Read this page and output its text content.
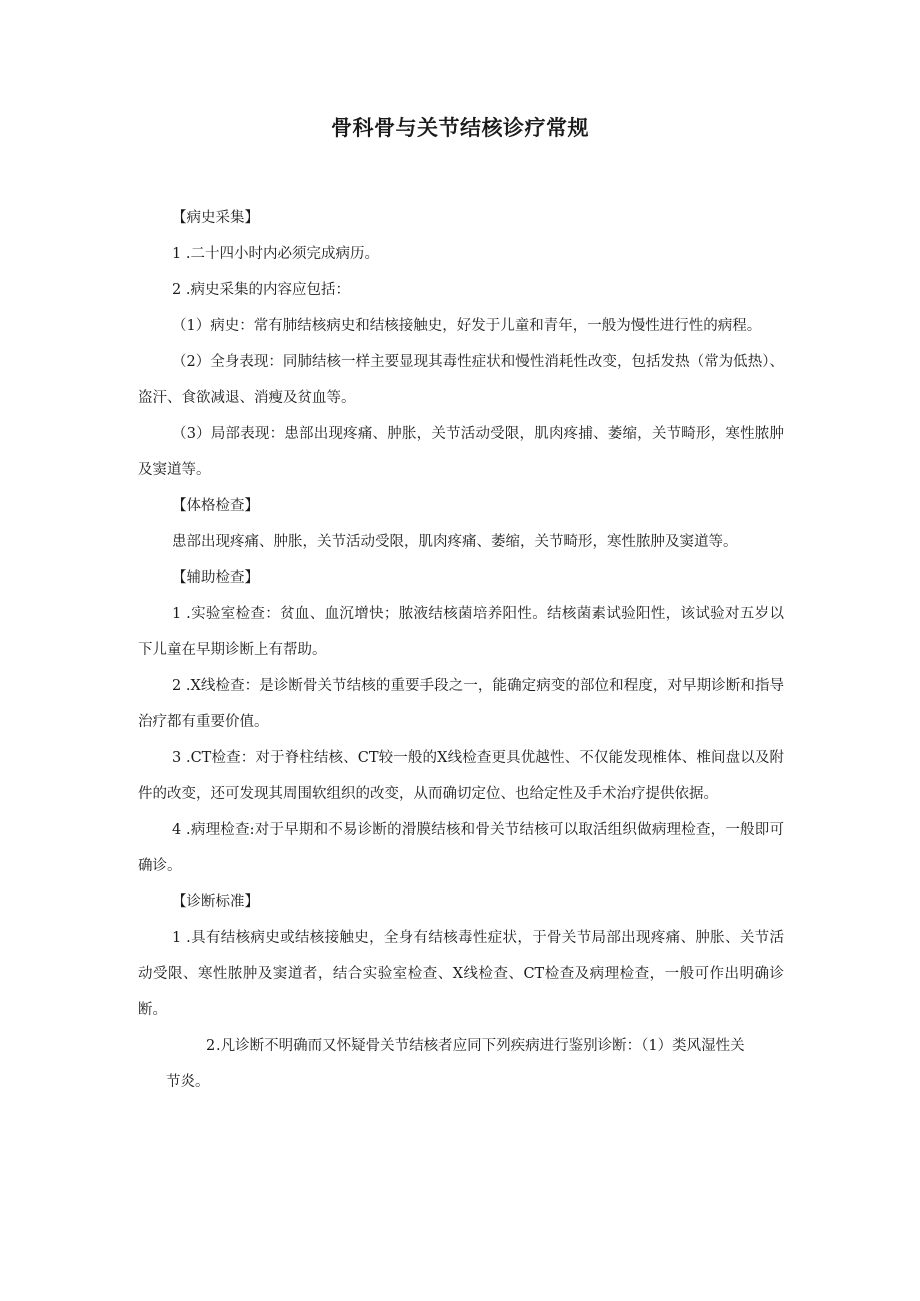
骨科骨与关节结核诊疗常规

【病史采集】

1 .二十四小时内必须完成病历。

2 .病史采集的内容应包括：

（1）病史：常有肺结核病史和结核接触史，好发于儿童和青年，一般为慢性进行性的病程。

（2）全身表现：同肺结核一样主要显现其毒性症状和慢性消耗性改变，包括发热（常为低热）、盗汗、食欲减退、消瘦及贫血等。

（3）局部表现：患部出现疼痛、肿胀，关节活动受限，肌肉疼捕、萎缩，关节畸形，寒性脓肿及窦道等。

【体格检查】

患部出现疼痛、肿胀，关节活动受限，肌肉疼痛、萎缩，关节畸形，寒性脓肿及窦道等。

【辅助检查】

1 .实验室检查：贫血、血沉增快；脓液结核菌培养阳性。结核菌素试验阳性，该试验对五岁以下儿童在早期诊断上有帮助。

2 .X线检查：是诊断骨关节结核的重要手段之一，能确定病变的部位和程度，对早期诊断和指导治疗都有重要价值。

3 .CT检查：对于脊柱结核、CT较一般的X线检查更具优越性、不仅能发现椎体、椎间盘以及附件的改变，还可发现其周围软组织的改变，从而确切定位、也给定性及手术治疗提供依据。

4 .病理检查:对于早期和不易诊断的滑膜结核和骨关节结核可以取活组织做病理检查，一般即可确诊。

【诊断标准】

1 .具有结核病史或结核接触史，全身有结核毒性症状，于骨关节局部出现疼痛、肿胀、关节活动受限、寒性脓肿及窦道者，结合实验室检查、X线检查、CT检查及病理检查，一般可作出明确诊断。

2.凡诊断不明确而又怀疑骨关节结核者应同下列疾病进行鉴别诊断：（1）类风湿性关
节炎。
